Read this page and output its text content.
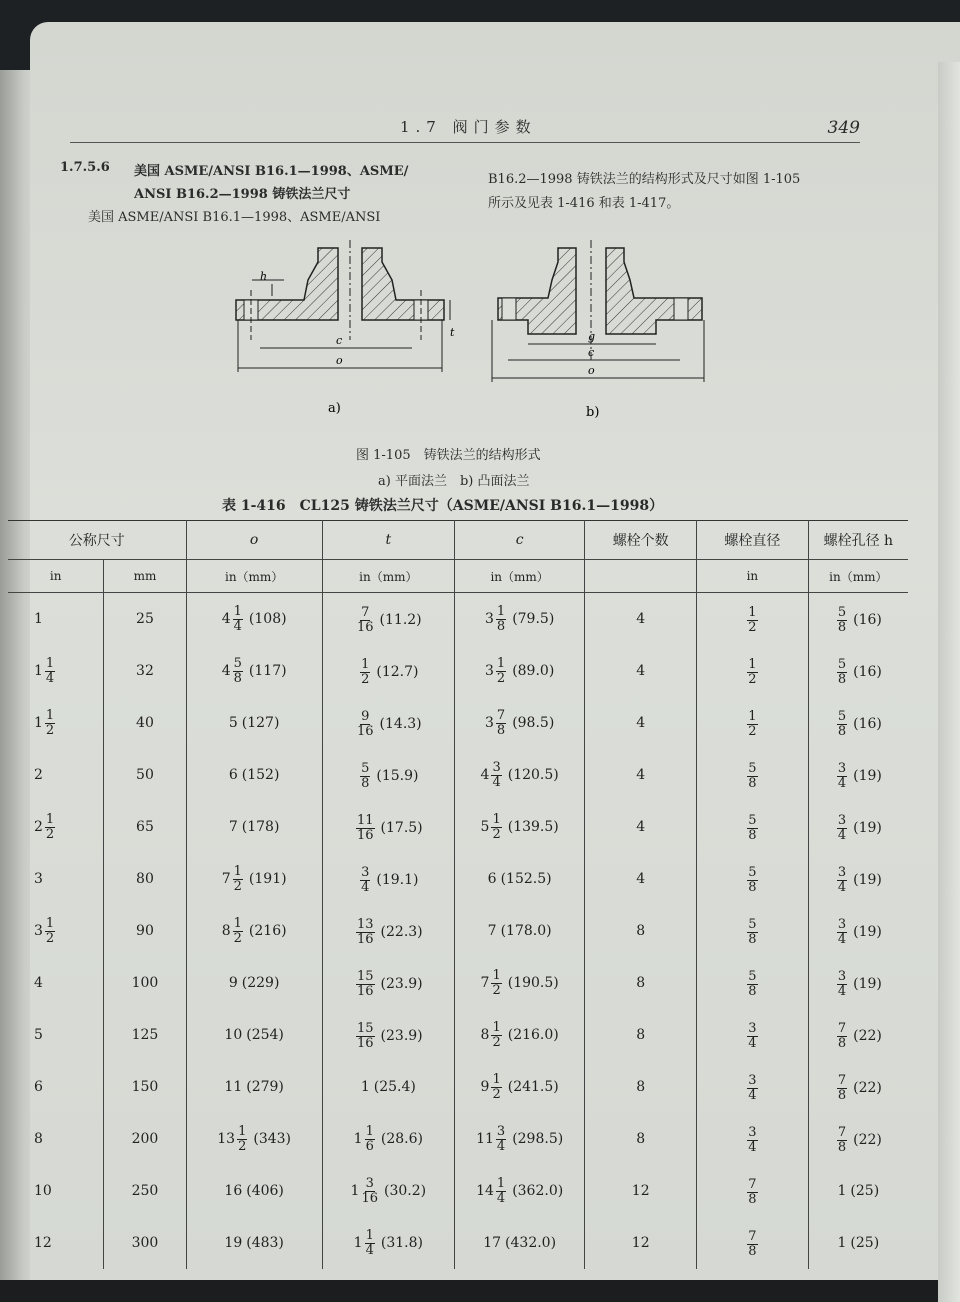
1.7 阀门参数	349
1.7.5.6 美国 ASME/ANSI B16.1—1998、ASME/
ANSI B16.2—1998 铸铁法兰尺寸
美国 ASME/ANSI B16.1—1998、ASME/ANSI
B16.2—1998 铸铁法兰的结构形式及尺寸如图 1-105
所示及见表 1-416 和表 1-417。
h
t
c
o
a)
g
c
o
b)
图 1-105　铸铁法兰的结构形式
a) 平面法兰　b) 凸面法兰
表 1-416　CL125 铸铁法兰尺寸（ASME/ANSI B16.1—1998）
公称尺寸		o	t	c	螺栓个数	螺栓直径	螺栓孔径 h
in	mm	in（mm）	in（mm）	in（mm）		in	in（mm）

1	25	$4 \frac{1}{4} (108)$	$\frac{7}{16} (11.2)$	$3 \frac{1}{8} (79.5)$	4	$\frac{1}{2}$	$\frac{5}{8} (16)$

$1 \frac{1}{4}$	32	$4 \frac{5}{8} (117)$	$\frac{1}{2} (12.7)$	$3 \frac{1}{2} (89.0)$	4	$\frac{1}{2}$	$\frac{5}{8} (16)$

$1 \frac{1}{2}$	40	5 (127)	$\frac{9}{16} (14.3)$	$3 \frac{7}{8} (98.5)$	4	$\frac{1}{2}$	$\frac{5}{8} (16)$

2	50	6 (152)	$\frac{5}{8} (15.9)$	$4 \frac{3}{4} (120.5)$	4	$\frac{5}{8}$	$\frac{3}{4} (19)$

$2 \frac{1}{2}$	65	7 (178)	$\frac{11}{16} (17.5)$	$5 \frac{1}{2} (139.5)$	4	$\frac{5}{8}$	$\frac{3}{4} (19)$

3	80	$7 \frac{1}{2} (191)$	$\frac{3}{4} (19.1)$	6 (152.5)	4	$\frac{5}{8}$	$\frac{3}{4} (19)$

$3 \frac{1}{2}$	90	$8 \frac{1}{2} (216)$	$\frac{13}{16} (22.3)$	7 (178.0)	8	$\frac{5}{8}$	$\frac{3}{4} (19)$

4	100	9 (229)	$\frac{15}{16} (23.9)$	$7 \frac{1}{2} (190.5)$	8	$\frac{5}{8}$	$\frac{3}{4} (19)$

5	125	10 (254)	$\frac{15}{16} (23.9)$	$8 \frac{1}{2} (216.0)$	8	$\frac{3}{4}$	$\frac{7}{8} (22)$

6	150	11 (279)	1 (25.4)	$9 \frac{1}{2} (241.5)$	8	$\frac{3}{4}$	$\frac{7}{8} (22)$

8	200	$13 \frac{1}{2} (343)$	$1 \frac{1}{6} (28.6)$	$11 \frac{3}{4} (298.5)$	8	$\frac{3}{4}$	$\frac{7}{8} (22)$

10	250	16 (406)	$1 \frac{3}{16} (30.2)$	$14 \frac{1}{4} (362.0)$	12	$\frac{7}{8}$	1 (25)

12	300	19 (483)	$1 \frac{1}{4} (31.8)$	17 (432.0)	12	$\frac{7}{8}$	1 (25)
